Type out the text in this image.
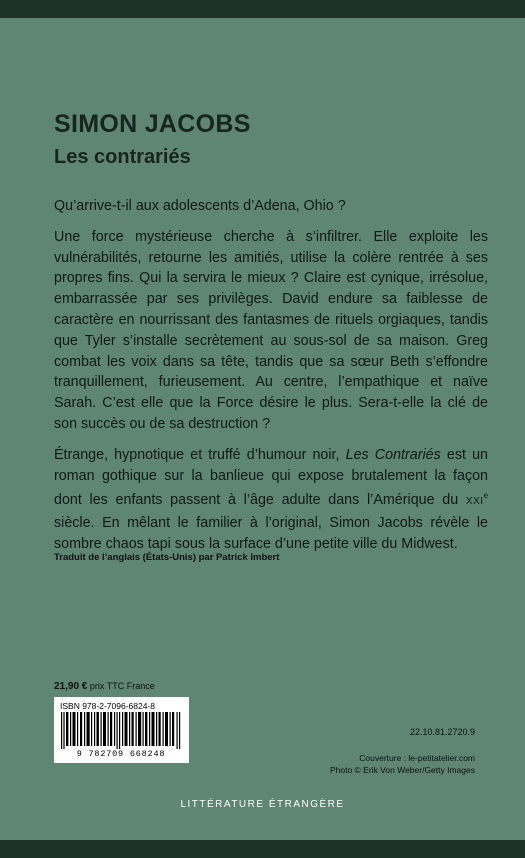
SIMON JACOBS
Les contrariés

Qu’arrive-t-il aux adolescents d’Adena, Ohio ?

Une force mystérieuse cherche à s’infiltrer. Elle exploite les vulnérabilités, retourne les amitiés, utilise la colère rentrée à ses propres fins. Qui la servira le mieux ? Claire est cynique, irrésolue, embarrassée par ses privilèges. David endure sa faiblesse de caractère en nourrissant des fantasmes de rituels orgiaques, tandis que Tyler s’installe secrètement au sous-sol de sa maison. Greg combat les voix dans sa tête, tandis que sa sœur Beth s’effondre tranquillement, furieusement. Au centre, l’empathique et naïve Sarah. C’est elle que la Force désire le plus. Sera-t-elle la clé de son succès ou de sa destruction ?

Étrange, hypnotique et truffé d’humour noir, Les Contrariés est un roman gothique sur la banlieue qui expose brutalement la façon dont les enfants passent à l’âge adulte dans l’Amérique du XXIe siècle. En mêlant le familier à l’original, Simon Jacobs révèle le sombre chaos tapi sous la surface d’une petite ville du Midwest.

Traduit de l’anglais (États-Unis) par Patrick Imbert
21,90 € prix TTC France
ISBN 978-2-7096-6824-8
9 782709 668248
22.10.81.2720.9
Couverture : le-petitatelier.com
Photo © Erik Von Weber/Getty Images
LITTÉRATURE ÉTRANGÈRE
